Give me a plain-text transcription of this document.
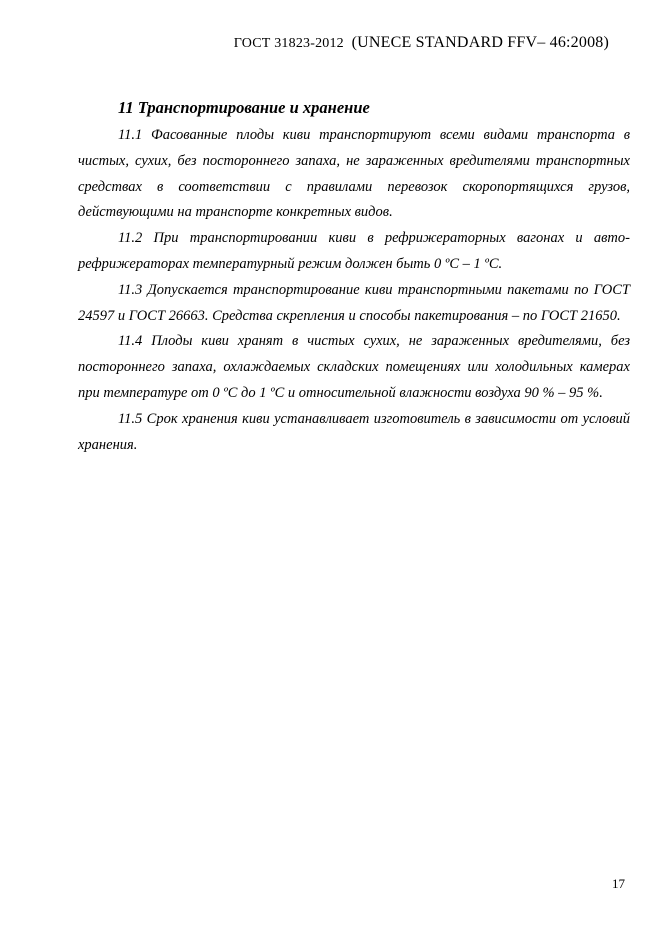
ГОСТ 31823-2012 (UNECE STANDARD FFV– 46:2008)
11 Транспортирование и хранение

11.1 Фасованные плоды киви транспортируют всеми видами транспорта в чистых, сухих, без постороннего запаха, не зараженных вредителями транспортных средствах в соответствии с правилами перевозок скоропортящихся грузов, действующими на транспорте конкретных видов.

11.2 При транспортировании киви в рефрижераторных вагонах и авторефрижераторах температурный режим должен быть 0 ºС – 1 ºС.

11.3 Допускается транспортирование киви транспортными пакетами по ГОСТ 24597 и ГОСТ 26663. Средства скрепления и способы пакетирования – по ГОСТ 21650.

11.4 Плоды киви хранят в чистых сухих, не зараженных вредителями, без постороннего запаха, охлаждаемых складских помещениях или холодильных камерах при температуре от 0 ºС до 1 ºС и относительной влажности воздуха 90 % – 95 %.

11.5 Срок хранения киви устанавливает изготовитель в зависимости от условий хранения.

17
